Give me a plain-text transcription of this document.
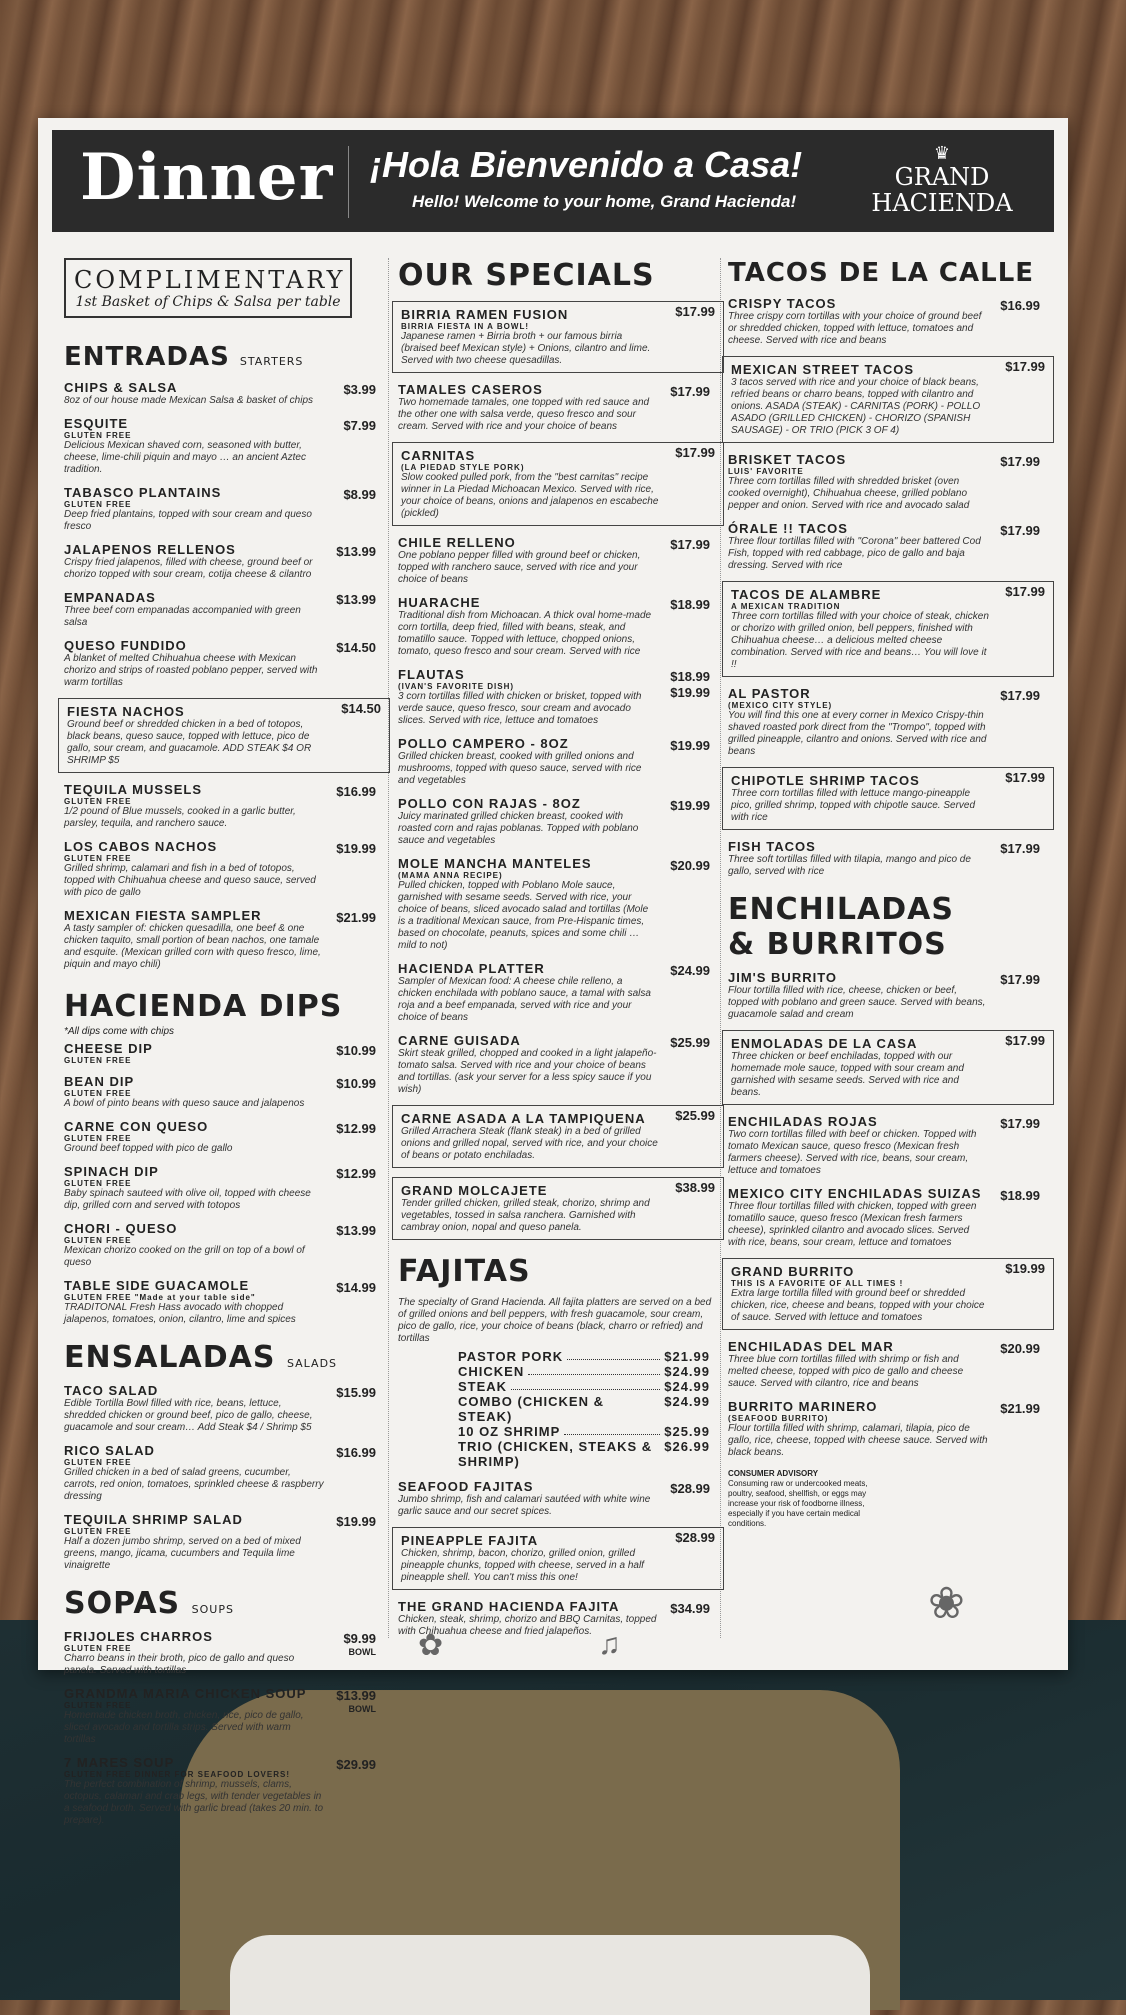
Dinner ¡Hola Bienvenido a Casa!
Hello! Welcome to your home, Grand Hacienda!
♛
GRAND
HACIENDA
COMPLIMENTARY
1st Basket of Chips & Salsa per table
ENTRADAS STARTERS
CHIPS & SALSA
8oz of our house made Mexican Salsa & basket of chips
$3.99
ESQUITE
GLUTEN FREE
Delicious Mexican shaved corn, seasoned with butter, cheese, lime-chili piquin and mayo … an ancient Aztec tradition.
$7.99
TABASCO PLANTAINS
GLUTEN FREE
Deep fried plantains, topped with sour cream and queso fresco
$8.99
JALAPENOS RELLENOS
Crispy fried jalapenos, filled with cheese, ground beef or chorizo topped with sour cream, cotija cheese & cilantro
$13.99
EMPANADAS
Three beef corn empanadas accompanied with green salsa
$13.99
QUESO FUNDIDO
A blanket of melted Chihuahua cheese with Mexican chorizo and strips of roasted poblano pepper, served with warm tortillas
$14.50
FIESTA NACHOS
Ground beef or shredded chicken in a bed of totopos, black beans, queso sauce, topped with lettuce, pico de gallo, sour cream, and guacamole. ADD STEAK $4 OR SHRIMP $5
$14.50
TEQUILA MUSSELS
GLUTEN FREE
1/2 pound of Blue mussels, cooked in a garlic butter, parsley, tequila, and ranchero sauce.
$16.99
LOS CABOS NACHOS
GLUTEN FREE
Grilled shrimp, calamari and fish in a bed of totopos, topped with Chihuahua cheese and queso sauce, served with pico de gallo
$19.99
MEXICAN FIESTA SAMPLER
A tasty sampler of: chicken quesadilla, one beef & one chicken taquito, small portion of bean nachos, one tamale and esquite. (Mexican grilled corn with queso fresco, lime, piquin and mayo chili)
$21.99
HACIENDA DIPS
*All dips come with chips
CHEESE DIP
GLUTEN FREE
$10.99
BEAN DIP
GLUTEN FREE
A bowl of pinto beans with queso sauce and jalapenos
$10.99
CARNE CON QUESO
GLUTEN FREE
Ground beef topped with pico de gallo
$12.99
SPINACH DIP
GLUTEN FREE
Baby spinach sauteed with olive oil, topped with cheese dip, grilled corn and served with totopos
$12.99
CHORI - QUESO
GLUTEN FREE
Mexican chorizo cooked on the grill on top of a bowl of queso
$13.99
TABLE SIDE GUACAMOLE
GLUTEN FREE "Made at your table side"
TRADITONAL Fresh Hass avocado with chopped jalapenos, tomatoes, onion, cilantro, lime and spices
$14.99
ENSALADAS SALADS
TACO SALAD
Edible Tortilla Bowl filled with rice, beans, lettuce, shredded chicken or ground beef, pico de gallo, cheese, guacamole and sour cream… Add Steak $4 / Shrimp $5
$15.99
RICO SALAD
GLUTEN FREE
Grilled chicken in a bed of salad greens, cucumber, carrots, red onion, tomatoes, sprinkled cheese & raspberry dressing
$16.99
TEQUILA SHRIMP SALAD
GLUTEN FREE
Half a dozen jumbo shrimp, served on a bed of mixed greens, mango, jicama, cucumbers and Tequila lime vinaigrette
$19.99
SOPAS SOUPS
FRIJOLES CHARROS
GLUTEN FREE
Charro beans in their broth, pico de gallo and queso panela. Served with tortillas
$9.99
BOWL
GRANDMA MARIA CHICKEN SOUP
GLUTEN FREE
Homemade chicken broth, chicken, rice, pico de gallo, sliced avocado and tortilla strips. Served with warm tortillas
$13.99
BOWL
7 MARES SOUP
GLUTEN FREE DINNER FOR SEAFOOD LOVERS!
The perfect combination of shrimp, mussels, clams, octopus, calamari and crab legs, with tender vegetables in a seafood broth. Served with garlic bread (takes 20 min. to prepare).
$29.99
OUR SPECIALS
BIRRIA RAMEN FUSION
BIRRIA FIESTA IN A BOWL!
Japanese ramen + Birria broth + our famous birria (braised beef Mexican style) + Onions, cilantro and lime. Served with two cheese quesadillas.
$17.99
TAMALES CASEROS
Two homemade tamales, one topped with red sauce and the other one with salsa verde, queso fresco and sour cream. Served with rice and your choice of beans
$17.99
CARNITAS
(LA PIEDAD STYLE PORK)
Slow cooked pulled pork, from the "best carnitas" recipe winner in La Piedad Michoacan Mexico. Served with rice, your choice of beans, onions and jalapenos en escabeche (pickled)
$17.99
CHILE RELLENO
One poblano pepper filled with ground beef or chicken, topped with ranchero sauce, served with rice and your choice of beans
$17.99
HUARACHE
Traditional dish from Michoacan. A thick oval home-made corn tortilla, deep fried, filled with beans, steak, and tomatillo sauce. Topped with lettuce, chopped onions, tomato, queso fresco and sour cream. Served with rice
$18.99
FLAUTAS
(IVAN'S FAVORITE DISH)
3 corn tortillas filled with chicken or brisket, topped with verde sauce, queso fresco, sour cream and avocado slices. Served with rice, lettuce and tomatoes
$18.99
$19.99
POLLO CAMPERO - 8OZ
Grilled chicken breast, cooked with grilled onions and mushrooms, topped with queso sauce, served with rice and vegetables
$19.99
POLLO CON RAJAS - 8OZ
Juicy marinated grilled chicken breast, cooked with roasted corn and rajas poblanas. Topped with poblano sauce and vegetables
$19.99
MOLE MANCHA MANTELES
(MAMA ANNA RECIPE)
Pulled chicken, topped with Poblano Mole sauce, garnished with sesame seeds. Served with rice, your choice of beans, sliced avocado salad and tortillas (Mole is a traditional Mexican sauce, from Pre-Hispanic times, based on chocolate, peanuts, spices and some chili … mild to not)
$20.99
HACIENDA PLATTER
Sampler of Mexican food: A cheese chile relleno, a chicken enchilada with poblano sauce, a tamal with salsa roja and a beef empanada, served with rice and your choice of beans
$24.99
CARNE GUISADA
Skirt steak grilled, chopped and cooked in a light jalapeño-tomato salsa. Served with rice and your choice of beans and tortillas. (ask your server for a less spicy sauce if you wish)
$25.99
CARNE ASADA A LA TAMPIQUENA
Grilled Arrachera Steak (flank steak) in a bed of grilled onions and grilled nopal, served with rice, and your choice of beans or potato enchiladas.
$25.99
GRAND MOLCAJETE
Tender grilled chicken, grilled steak, chorizo, shrimp and vegetables, tossed in salsa ranchera. Garnished with cambray onion, nopal and queso panela.
$38.99
FAJITAS
The specialty of Grand Hacienda. All fajita platters are served on a bed of grilled onions and bell peppers, with fresh guacamole, sour cream, pico de gallo, rice, your choice of beans (black, charro or refried) and tortillas
PASTOR PORK	$21.99
CHICKEN	$24.99
STEAK	$24.99
COMBO (CHICKEN & STEAK)
$24.99
10 OZ SHRIMP	$25.99
TRIO (CHICKEN, STEAKS & SHRIMP)
$26.99
SEAFOOD FAJITAS
Jumbo shrimp, fish and calamari sautéed with white wine garlic sauce and our secret spices.
$28.99
PINEAPPLE FAJITA
Chicken, shrimp, bacon, chorizo, grilled onion, grilled pineapple chunks, topped with cheese, served in a half pineapple shell. You can't miss this one!
$28.99
THE GRAND HACIENDA FAJITA
Chicken, steak, shrimp, chorizo and BBQ Carnitas, topped with Chihuahua cheese and fried jalapeños.
$34.99
✿	♫
TACOS DE LA CALLE
CRISPY TACOS
Three crispy corn tortillas with your choice of ground beef or shredded chicken, topped with lettuce, tomatoes and cheese. Served with rice and beans
$16.99
MEXICAN STREET TACOS
3 tacos served with rice and your choice of black beans, refried beans or charro beans, topped with cilantro and onions. ASADA (STEAK) - CARNITAS (PORK) - POLLO ASADO (GRILLED CHICKEN) - CHORIZO (SPANISH SAUSAGE) - OR TRIO (PICK 3 OF 4)
$17.99
BRISKET TACOS
LUIS' FAVORITE
Three corn tortillas filled with shredded brisket (oven cooked overnight), Chihuahua cheese, grilled poblano pepper and onion. Served with rice and avocado salad
$17.99
ÓRALE !! TACOS
Three flour tortillas filled with "Corona" beer battered Cod Fish, topped with red cabbage, pico de gallo and baja dressing. Served with rice
$17.99
TACOS DE ALAMBRE
A MEXICAN TRADITION
Three corn tortillas filled with your choice of steak, chicken or chorizo with grilled onion, bell peppers, finished with Chihuahua cheese… a delicious melted cheese combination. Served with rice and beans… You will love it !!
$17.99
AL PASTOR
(MEXICO CITY STYLE)
You will find this one at every corner in Mexico Crispy-thin shaved roasted pork direct from the "Trompo", topped with grilled pineapple, cilantro and onions. Served with rice and beans
$17.99
CHIPOTLE SHRIMP TACOS
Three corn tortillas filled with lettuce mango-pineapple pico, grilled shrimp, topped with chipotle sauce. Served with rice
$17.99
FISH TACOS
Three soft tortillas filled with tilapia, mango and pico de gallo, served with rice
$17.99
ENCHILADAS
& BURRITOS
JIM'S BURRITO
Flour tortilla filled with rice, cheese, chicken or beef, topped with poblano and green sauce. Served with beans, guacamole salad and cream
$17.99
ENMOLADAS DE LA CASA
Three chicken or beef enchiladas, topped with our homemade mole sauce, topped with sour cream and garnished with sesame seeds. Served with rice and beans.
$17.99
ENCHILADAS ROJAS
Two corn tortillas filled with beef or chicken. Topped with tomato Mexican sauce, queso fresco (Mexican fresh farmers cheese). Served with rice, beans, sour cream, lettuce and tomatoes
$17.99
MEXICO CITY ENCHILADAS SUIZAS
Three flour tortillas filled with chicken, topped with green tomatillo sauce, queso fresco (Mexican fresh farmers cheese), sprinkled cilantro and avocado slices. Served with rice, beans, sour cream, lettuce and tomatoes
$18.99
GRAND BURRITO
THIS IS A FAVORITE OF ALL TIMES !
Extra large tortilla filled with ground beef or shredded chicken, rice, cheese and beans, topped with your choice of sauce. Served with lettuce and tomatoes
$19.99
ENCHILADAS DEL MAR
Three blue corn tortillas filled with shrimp or fish and melted cheese, topped with pico de gallo and cheese sauce. Served with cilantro, rice and beans
$20.99
BURRITO MARINERO
(SEAFOOD BURRITO)
Flour tortilla filled with shrimp, calamari, tilapia, pico de gallo, rice, cheese, topped with cheese sauce. Served with black beans.
$21.99
CONSUMER ADVISORY
Consuming raw or undercooked meats, poultry, seafood, shellfish, or eggs may increase your risk of foodborne illness, especially if you have certain medical conditions.
❀
